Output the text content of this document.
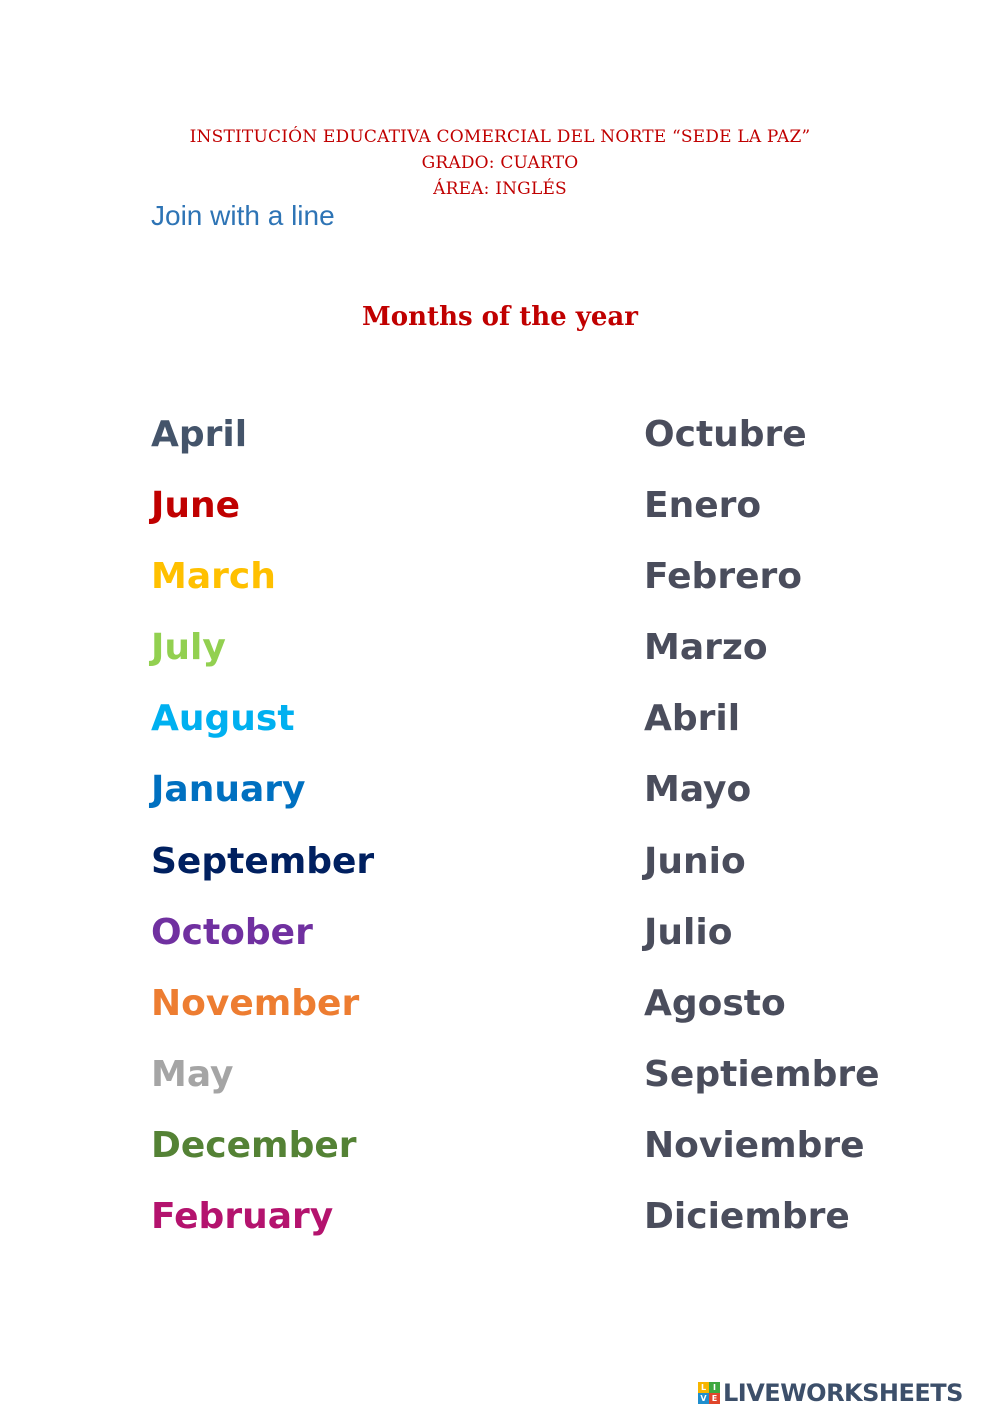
INSTITUCIÓN EDUCATIVA COMERCIAL DEL NORTE “SEDE LA PAZ”
GRADO: CUARTO
ÁREA: INGLÉS
Join with a line
Months of the year
April
June
March
July
August
January
September
October
November
May
December
February
Octubre
Enero
Febrero
Marzo
Abril
Mayo
Junio
Julio
Agosto
Septiembre
Noviembre
Diciembre
L I
V E LIVEWORKSHEETS
